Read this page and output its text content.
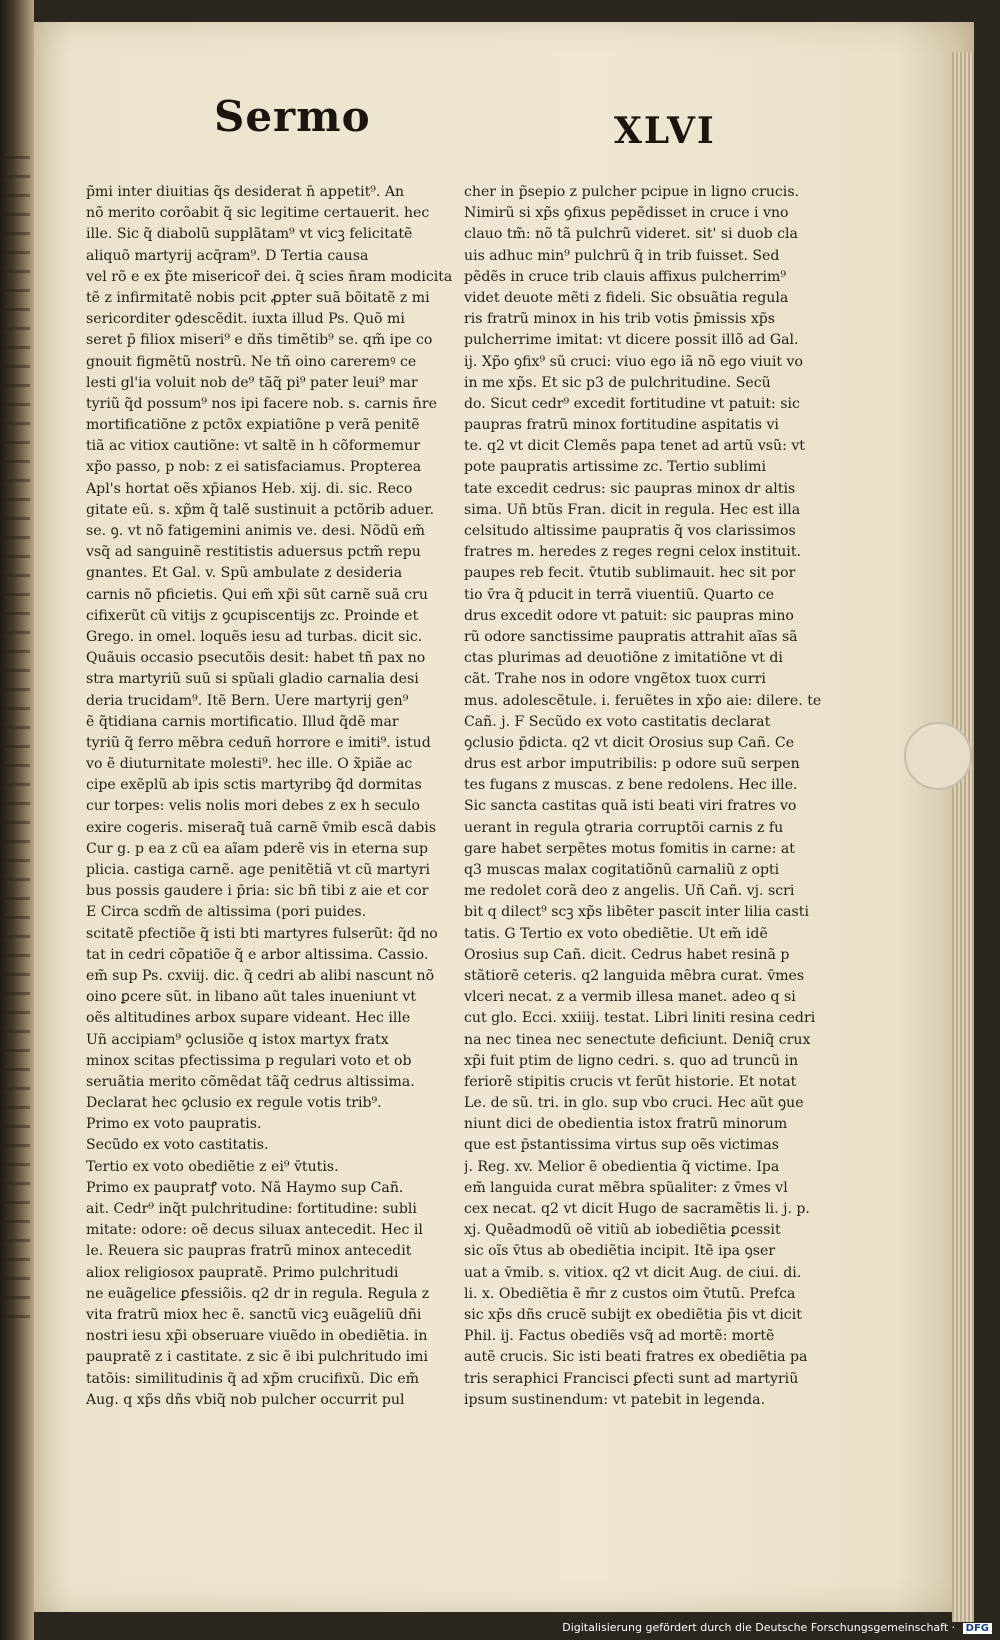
Sermo	XLVI
p̃mi inter diuitias q̃s desiderat n̄ appetit⁹. An
nõ merito corõabit q̃ sic legitime certauerit. hec
ille. Sic q̃ diabolũ supplãtam⁹ vt vicꝫ felicitatẽ
aliquõ martyrij acq̄ram⁹. D Tertia causa
vel rõ e ex p̃te misericor̃ dei. q̃ scies n̄ram modicita
tẽ z infirmitatẽ nobis pcit ꝓpter suã bõitatẽ z mi
sericorditer ꝯdescẽdit. iuxta illud Ps. Quõ mi
seret p̄ filiox miseri⁹ e dñs timẽtib⁹ se. qm̃ ipe co
gnouit figmẽtũ nostrũ. Ne tñ oino careremꝰ ce
lesti gl'ia voluit nob de⁹ tãq̃ pi⁹ pater leui⁹ mar
tyriũ q̃d possum⁹ nos ipi facere nob. s. carnis n̄re
mortificatiõne z pctõx expiatiõne p verã penitẽ
tiã ac vitiox cautiõne: vt saltẽ in h cõformemur
xp̃o passo, p nob: z ei satisfaciamus. Propterea
Apl's hortat oẽs xp̄ianos Heb. xij. di. sic. Reco
gitate eũ. s. xp̃m q̃ talẽ sustinuit a pctõrib aduer.
se. ꝯ. vt nõ fatigemini animis ve. desi. Nõdũ em̃
vsq̃ ad sanguinẽ restitistis aduersus pctm̃ repu
gnantes. Et Gal. v. Spũ ambulate z desideria
carnis nõ pficietis. Qui em̃ xp̃i sũt carnẽ suã cru
cifixerũt cũ vitijs z ꝯcupiscentijs zc. Proinde et
Grego. in omel. loquẽs iesu ad turbas. dicit sic.
Quãuis occasio psecutõis desit: habet tñ pax no
stra martyriũ suũ si spũali gladio carnalia desi
deria trucidam⁹. Itẽ Bern. Uere martyrij gen⁹
ẽ q̃tidiana carnis mortificatio. Illud q̃dẽ mar
tyriũ q̃ ferro mẽbra ceduñ horrore e imiti⁹. istud
vo ẽ diuturnitate molesti⁹. hec ille. O x̃piãe ac
cipe exẽplũ ab ipis sctis martyribꝯ q̃d dormitas
cur torpes: velis nolis mori debes z ex h seculo
exire cogeris. miseraq̃ tuã carnẽ v̄mib escã dabis
Cur g. p ea z cũ ea aĩam pderẽ vis in eterna sup
plicia. castiga carnẽ. age penitẽtiã vt cũ martyri
bus possis gaudere i p̄ria: sic bñ tibi z aie et cor
E Circa scdm̃ de altissima (pori puides.
scitatẽ pfectiõe q̃ isti bti martyres fulserũt: q̃d no
tat in cedri cõpatiõe q̃ e arbor altissima. Cassio.
em̃ sup Ps. cxviij. dic. q̃ cedri ab alibi nascunt nõ
oino ꝑcere sũt. in libano aũt tales inueniunt vt
oẽs altitudines arbox supare videant. Hec ille
Uñ accipiam⁹ ꝯclusiõe q istox martyx fratx
minox scitas pfectissima p regulari voto et ob
seruãtia merito cõmẽdat tãq̃ cedrus altissima.
Declarat hec ꝯclusio ex regule votis trib⁹.
Primo ex voto paupratis.
Secũdo ex voto castitatis.
Tertio ex voto obediẽtie z ei⁹ v̄tutis.
Primo ex paupratꝭ voto. Nã Haymo sup Cañ.
ait. Cedr⁹ inq̃t pulchritudine: fortitudine: subli
mitate: odore: oẽ decus siluax antecedit. Hec il
le. Reuera sic paupras fratrũ minox antecedit
aliox religiosox paupratẽ. Primo pulchritudi
ne euãgelice ꝑfessiõis. q2 dr in regula. Regula z
vita fratrũ miox hec ẽ. sanctũ vicꝫ euãgeliũ dñi
nostri iesu xp̃i obseruare viuẽdo in obediẽtia. in
paupratẽ z i castitate. z sic ẽ ibi pulchritudo imi
tatõis: similitudinis q̃ ad xp̃m crucifixũ. Dic em̃
Aug. q xp̃s dñs vbiq̃ nob pulcher occurrit pul
cher in p̃sepio z pulcher pcipue in ligno crucis.
Nimirũ si xp̃s ꝯfixus pepẽdisset in cruce i vno
clauo tm̃: nõ tã pulchrũ videret. sit' si duob cla
uis adhuc min⁹ pulchrũ q̃ in trib fuisset. Sed
pẽdẽs in cruce trib clauis affixus pulcherrim⁹
videt deuote mẽti z fideli. Sic obsuãtia regula
ris fratrũ minox in his trib votis p̄missis xp̃s
pulcherrime imitat: vt dicere possit illõ ad Gal.
ij. Xp̃o ꝯfix⁹ sũ cruci: viuo ego iã nõ ego viuit vo
in me xp̃s. Et sic p3 de pulchritudine. Secũ
do. Sicut cedr⁹ excedit fortitudine vt patuit: sic
paupras fratrũ minox fortitudine aspitatis vi
te. q2 vt dicit Clemẽs papa tenet ad artũ vsũ: vt
pote paupratis artissime zc. Tertio sublimi
tate excedit cedrus: sic paupras minox dr altis
sima. Uñ btũs Fran. dicit in regula. Hec est illa
celsitudo altissime paupratis q̃ vos clarissimos
fratres m. heredes z reges regni celox instituit.
paupes reb fecit. v̄tutib sublimauit. hec sit por
tio v̄ra q̃ pducit in terrã viuentiũ. Quarto ce
drus excedit odore vt patuit: sic paupras mino
rũ odore sanctissime paupratis attrahit aĩas sã
ctas plurimas ad deuotiõne z imitatiõne vt di
cãt. Trahe nos in odore vngẽtox tuox curri
mus. adolescẽtule. i. feruẽtes in xp̃o aie: dilere. te
Cañ. j. F Secũdo ex voto castitatis declarat
ꝯclusio p̄dicta. q2 vt dicit Orosius sup Cañ. Ce
drus est arbor imputribilis: p odore suũ serpen
tes fugans z muscas. z bene redolens. Hec ille.
Sic sancta castitas quã isti beati viri fratres vo
uerant in regula ꝯtraria corruptõi carnis z fu
gare habet serpẽtes motus fomitis in carne: at
q3 muscas malax cogitatiõnũ carnaliũ z opti
me redolet corã deo z angelis. Uñ Cañ. vj. scri
bit q dilect⁹ scꝫ xp̃s libẽter pascit inter lilia casti
tatis. G Tertio ex voto obediẽtie. Ut em̃ idẽ
Orosius sup Cañ. dicit. Cedrus habet resinã p
stãtiorẽ ceteris. q2 languida mẽbra curat. v̄mes
vlceri necat. z a vermib illesa manet. adeo q si
cut glo. Ecci. xxiiij. testat. Libri liniti resina cedri
na nec tinea nec senectute deficiunt. Deniq̃ crux
xp̃i fuit ptim de ligno cedri. s. quo ad truncũ in
feriorẽ stipitis crucis vt ferũt historie. Et notat
Le. de sũ. tri. in glo. sup vbo cruci. Hec aũt ꝯue
niunt dici de obedientia istox fratrũ minorum
que est p̄stantissima virtus sup oẽs victimas
j. Reg. xv. Melior ẽ obedientia q̃ victime. Ipa
em̃ languida curat mẽbra spũaliter: z v̄mes vl
cex necat. q2 vt dicit Hugo de sacramẽtis li. j. p.
xj. Quẽadmodũ oẽ vitiũ ab iobediẽtia ꝑcessit
sic oĩs v̄tus ab obediẽtia incipit. Itẽ ipa ꝯser
uat a v̄mib. s. vitiox. q2 vt dicit Aug. de ciui. di.
li. x. Obediẽtia ẽ m̄r z custos oim v̄tutũ. Prefca
sic xp̃s dñs crucẽ subijt ex obediẽtia p̄is vt dicit
Phil. ij. Factus obediẽs vsq̃ ad mortẽ: mortẽ
autẽ crucis. Sic isti beati fratres ex obediẽtia pa
tris seraphici Francisci ꝑfecti sunt ad martyriũ
ipsum sustinendum: vt patebit in legenda.
Digitalisierung gefördert durch die Deutsche Forschungsgemeinschaft · DFG
